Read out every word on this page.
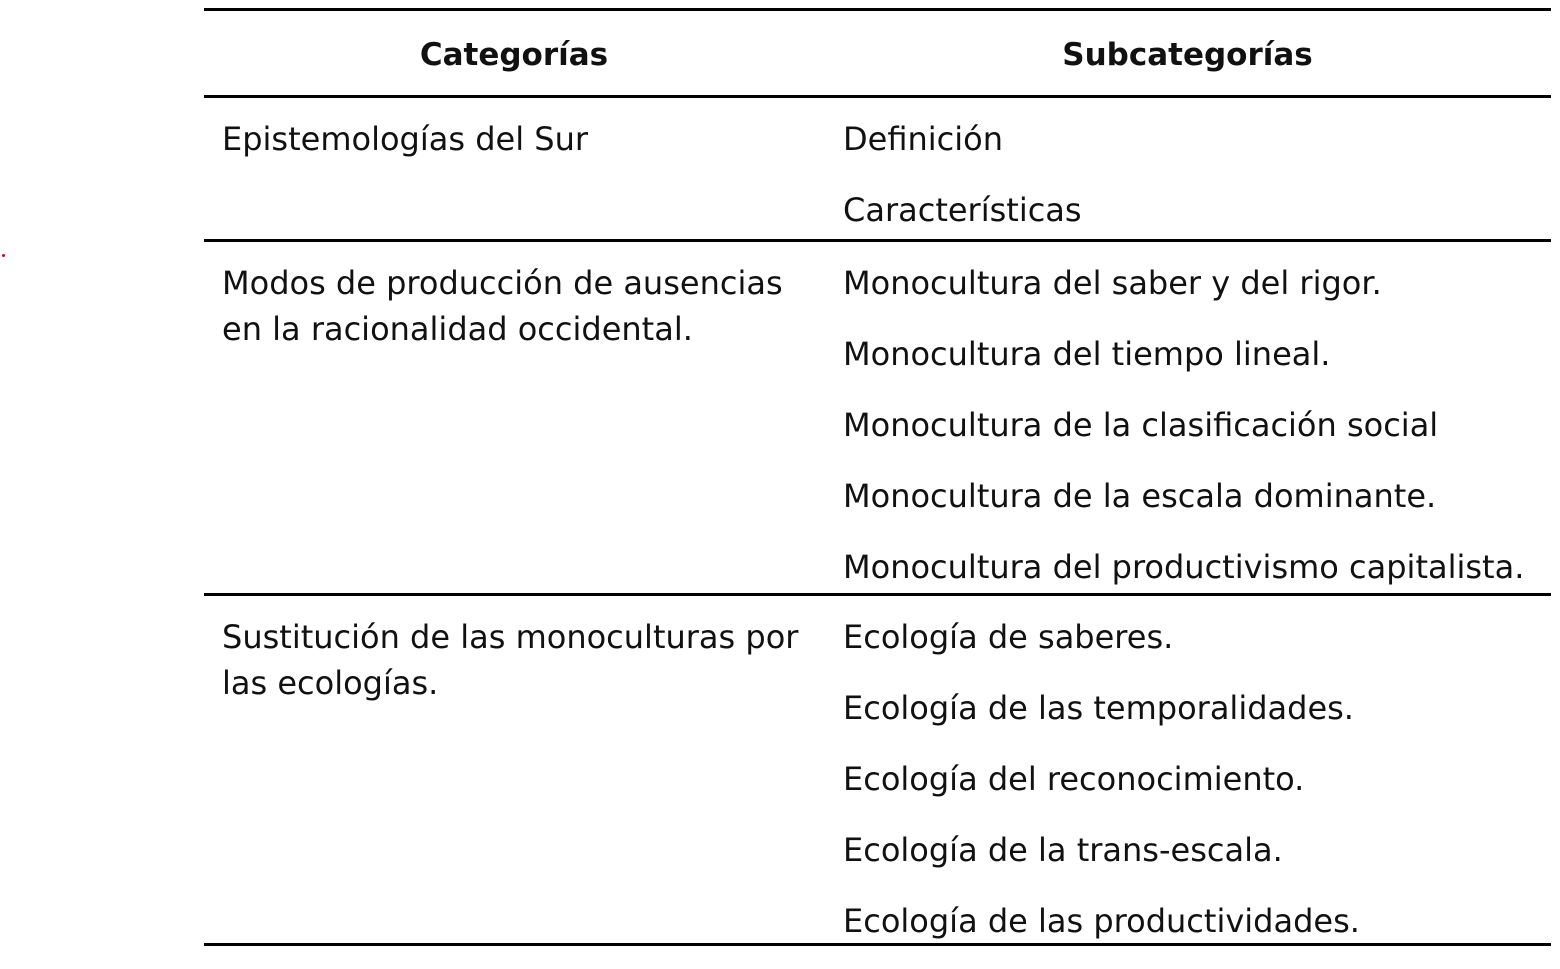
Categorías	Subcategorías
Epistemologías del Sur	Definición
Características
Modos de producción de ausencias en la racionalidad occidental.
Monocultura del saber y del rigor.
Monocultura del tiempo lineal.
Monocultura de la clasificación social
Monocultura de la escala dominante.
Monocultura del productivismo capitalista.
Sustitución de las monoculturas por las ecologías.
Ecología de saberes.
Ecología de las temporalidades.
Ecología del reconocimiento.
Ecología de la trans-escala.
Ecología de las productividades.
